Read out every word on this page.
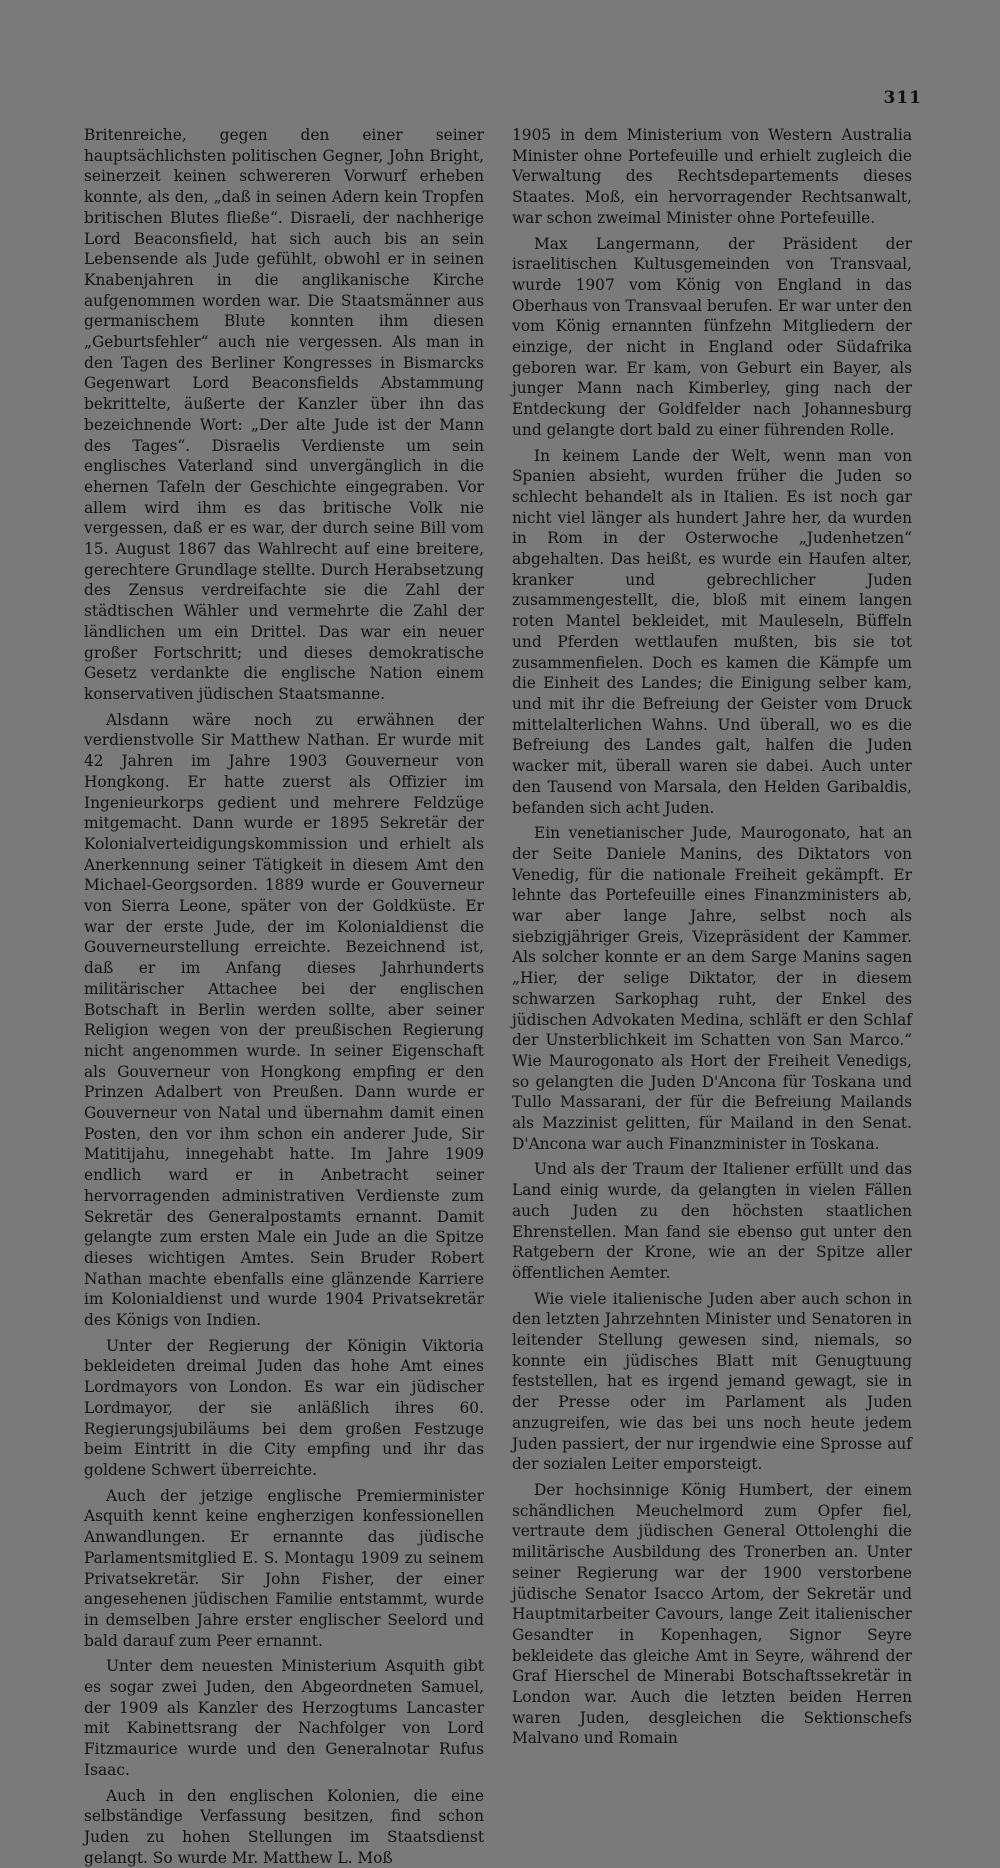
311

Britenreiche, gegen den einer seiner hauptsächlichsten politischen Gegner, John Bright, seinerzeit keinen schwereren Vorwurf erheben konnte, als den, „daß in seinen Adern kein Tropfen britischen Blutes fließe“. Disraeli, der nachherige Lord Beaconsfield, hat sich auch bis an sein Lebensende als Jude gefühlt, obwohl er in seinen Knabenjahren in die anglikanische Kirche aufgenommen worden war. Die Staatsmänner aus germanischem Blute konnten ihm diesen „Geburtsfehler“ auch nie vergessen. Als man in den Tagen des Berliner Kongresses in Bismarcks Gegenwart Lord Beaconsfields Abstammung bekrittelte, äußerte der Kanzler über ihn das bezeichnende Wort: „Der alte Jude ist der Mann des Tages“. Disraelis Verdienste um sein englisches Vaterland sind unvergänglich in die ehernen Tafeln der Geschichte eingegraben. Vor allem wird ihm es das britische Volk nie vergessen, daß er es war, der durch seine Bill vom 15. August 1867 das Wahlrecht auf eine breitere, gerechtere Grundlage stellte. Durch Herabsetzung des Zensus verdreifachte sie die Zahl der städtischen Wähler und vermehrte die Zahl der ländlichen um ein Drittel. Das war ein neuer großer Fortschritt; und dieses demokratische Gesetz verdankte die englische Nation einem konservativen jüdischen Staatsmanne.

Alsdann wäre noch zu erwähnen der verdienstvolle Sir Matthew Nathan. Er wurde mit 42 Jahren im Jahre 1903 Gouverneur von Hongkong. Er hatte zuerst als Offizier im Ingenieurkorps gedient und mehrere Feldzüge mitgemacht. Dann wurde er 1895 Sekretär der Kolonialverteidigungskommission und erhielt als Anerkennung seiner Tätigkeit in diesem Amt den Michael-Georgsorden. 1889 wurde er Gouverneur von Sierra Leone, später von der Goldküste. Er war der erste Jude, der im Kolonialdienst die Gouverneurstellung erreichte. Bezeichnend ist, daß er im Anfang dieses Jahrhunderts militärischer Attachee bei der englischen Botschaft in Berlin werden sollte, aber seiner Religion wegen von der preußischen Regierung nicht angenommen wurde. In seiner Eigenschaft als Gouverneur von Hongkong empfing er den Prinzen Adalbert von Preußen. Dann wurde er Gouverneur von Natal und übernahm damit einen Posten, den vor ihm schon ein anderer Jude, Sir Matitijahu, innegehabt hatte. Im Jahre 1909 endlich ward er in Anbetracht seiner hervorragenden administrativen Verdienste zum Sekretär des Generalpostamts ernannt. Damit gelangte zum ersten Male ein Jude an die Spitze dieses wichtigen Amtes. Sein Bruder Robert Nathan machte ebenfalls eine glänzende Karriere im Kolonialdienst und wurde 1904 Privatsekretär des Königs von Indien.

Unter der Regierung der Königin Viktoria bekleideten dreimal Juden das hohe Amt eines Lordmayors von London. Es war ein jüdischer Lordmayor, der sie anläßlich ihres 60. Regierungsjubiläums bei dem großen Festzuge beim Eintritt in die City empfing und ihr das goldene Schwert überreichte.

Auch der jetzige englische Premierminister Asquith kennt keine engherzigen konfessionellen Anwandlungen. Er ernannte das jüdische Parlamentsmitglied E. S. Montagu 1909 zu seinem Privatsekretär. Sir John Fisher, der einer angesehenen jüdischen Familie entstammt, wurde in demselben Jahre erster englischer Seelord und bald darauf zum Peer ernannt.

Unter dem neuesten Ministerium Asquith gibt es sogar zwei Juden, den Abgeordneten Samuel, der 1909 als Kanzler des Herzogtums Lancaster mit Kabinettsrang der Nachfolger von Lord Fitzmaurice wurde und den Generalnotar Rufus Isaac.

Auch in den englischen Kolonien, die eine selbständige Verfassung besitzen, find schon Juden zu hohen Stellungen im Staatsdienst gelangt. So wurde Mr. Matthew L. Moß

1905 in dem Ministerium von Western Australia Minister ohne Portefeuille und erhielt zugleich die Verwaltung des Rechtsdepartements dieses Staates. Moß, ein hervorragender Rechtsanwalt, war schon zweimal Minister ohne Portefeuille.

Max Langermann, der Präsident der israelitischen Kultusgemeinden von Transvaal, wurde 1907 vom König von England in das Oberhaus von Transvaal berufen. Er war unter den vom König ernannten fünfzehn Mitgliedern der einzige, der nicht in England oder Südafrika geboren war. Er kam, von Geburt ein Bayer, als junger Mann nach Kimberley, ging nach der Entdeckung der Goldfelder nach Johannesburg und gelangte dort bald zu einer führenden Rolle.

In keinem Lande der Welt, wenn man von Spanien absieht, wurden früher die Juden so schlecht behandelt als in Italien. Es ist noch gar nicht viel länger als hundert Jahre her, da wurden in Rom in der Osterwoche „Judenhetzen“ abgehalten. Das heißt, es wurde ein Haufen alter, kranker und gebrechlicher Juden zusammengestellt, die, bloß mit einem langen roten Mantel bekleidet, mit Mauleseln, Büffeln und Pferden wettlaufen mußten, bis sie tot zusammenfielen. Doch es kamen die Kämpfe um die Einheit des Landes; die Einigung selber kam, und mit ihr die Befreiung der Geister vom Druck mittelalterlichen Wahns. Und überall, wo es die Befreiung des Landes galt, halfen die Juden wacker mit, überall waren sie dabei. Auch unter den Tausend von Marsala, den Helden Garibaldis, befanden sich acht Juden.

Ein venetianischer Jude, Maurogonato, hat an der Seite Daniele Manins, des Diktators von Venedig, für die nationale Freiheit gekämpft. Er lehnte das Portefeuille eines Finanzministers ab, war aber lange Jahre, selbst noch als siebzigjähriger Greis, Vizepräsident der Kammer. Als solcher konnte er an dem Sarge Manins sagen „Hier, der selige Diktator, der in diesem schwarzen Sarkophag ruht, der Enkel des jüdischen Advokaten Medina, schläft er den Schlaf der Unsterblichkeit im Schatten von San Marco.“ Wie Maurogonato als Hort der Freiheit Venedigs, so gelangten die Juden D'Ancona für Toskana und Tullo Massarani, der für die Befreiung Mailands als Mazzinist gelitten, für Mailand in den Senat. D'Ancona war auch Finanzminister in Toskana.

Und als der Traum der Italiener erfüllt und das Land einig wurde, da gelangten in vielen Fällen auch Juden zu den höchsten staatlichen Ehrenstellen. Man fand sie ebenso gut unter den Ratgebern der Krone, wie an der Spitze aller öffentlichen Aemter.

Wie viele italienische Juden aber auch schon in den letzten Jahrzehnten Minister und Senatoren in leitender Stellung gewesen sind, niemals, so konnte ein jüdisches Blatt mit Genugtuung feststellen, hat es irgend jemand gewagt, sie in der Presse oder im Parlament als Juden anzugreifen, wie das bei uns noch heute jedem Juden passiert, der nur irgendwie eine Sprosse auf der sozialen Leiter emporsteigt.

Der hochsinnige König Humbert, der einem schändlichen Meuchelmord zum Opfer fiel, vertraute dem jüdischen General Ottolenghi die militärische Ausbildung des Tronerben an. Unter seiner Regierung war der 1900 verstorbene jüdische Senator Isacco Artom, der Sekretär und Hauptmitarbeiter Cavours, lange Zeit italienischer Gesandter in Kopenhagen, Signor Seyre bekleidete das gleiche Amt in Seyre, während der Graf Hierschel de Minerabi Botschaftssekretär in London war. Auch die letzten beiden Herren waren Juden, desgleichen die Sektionschefs Malvano und Romain
